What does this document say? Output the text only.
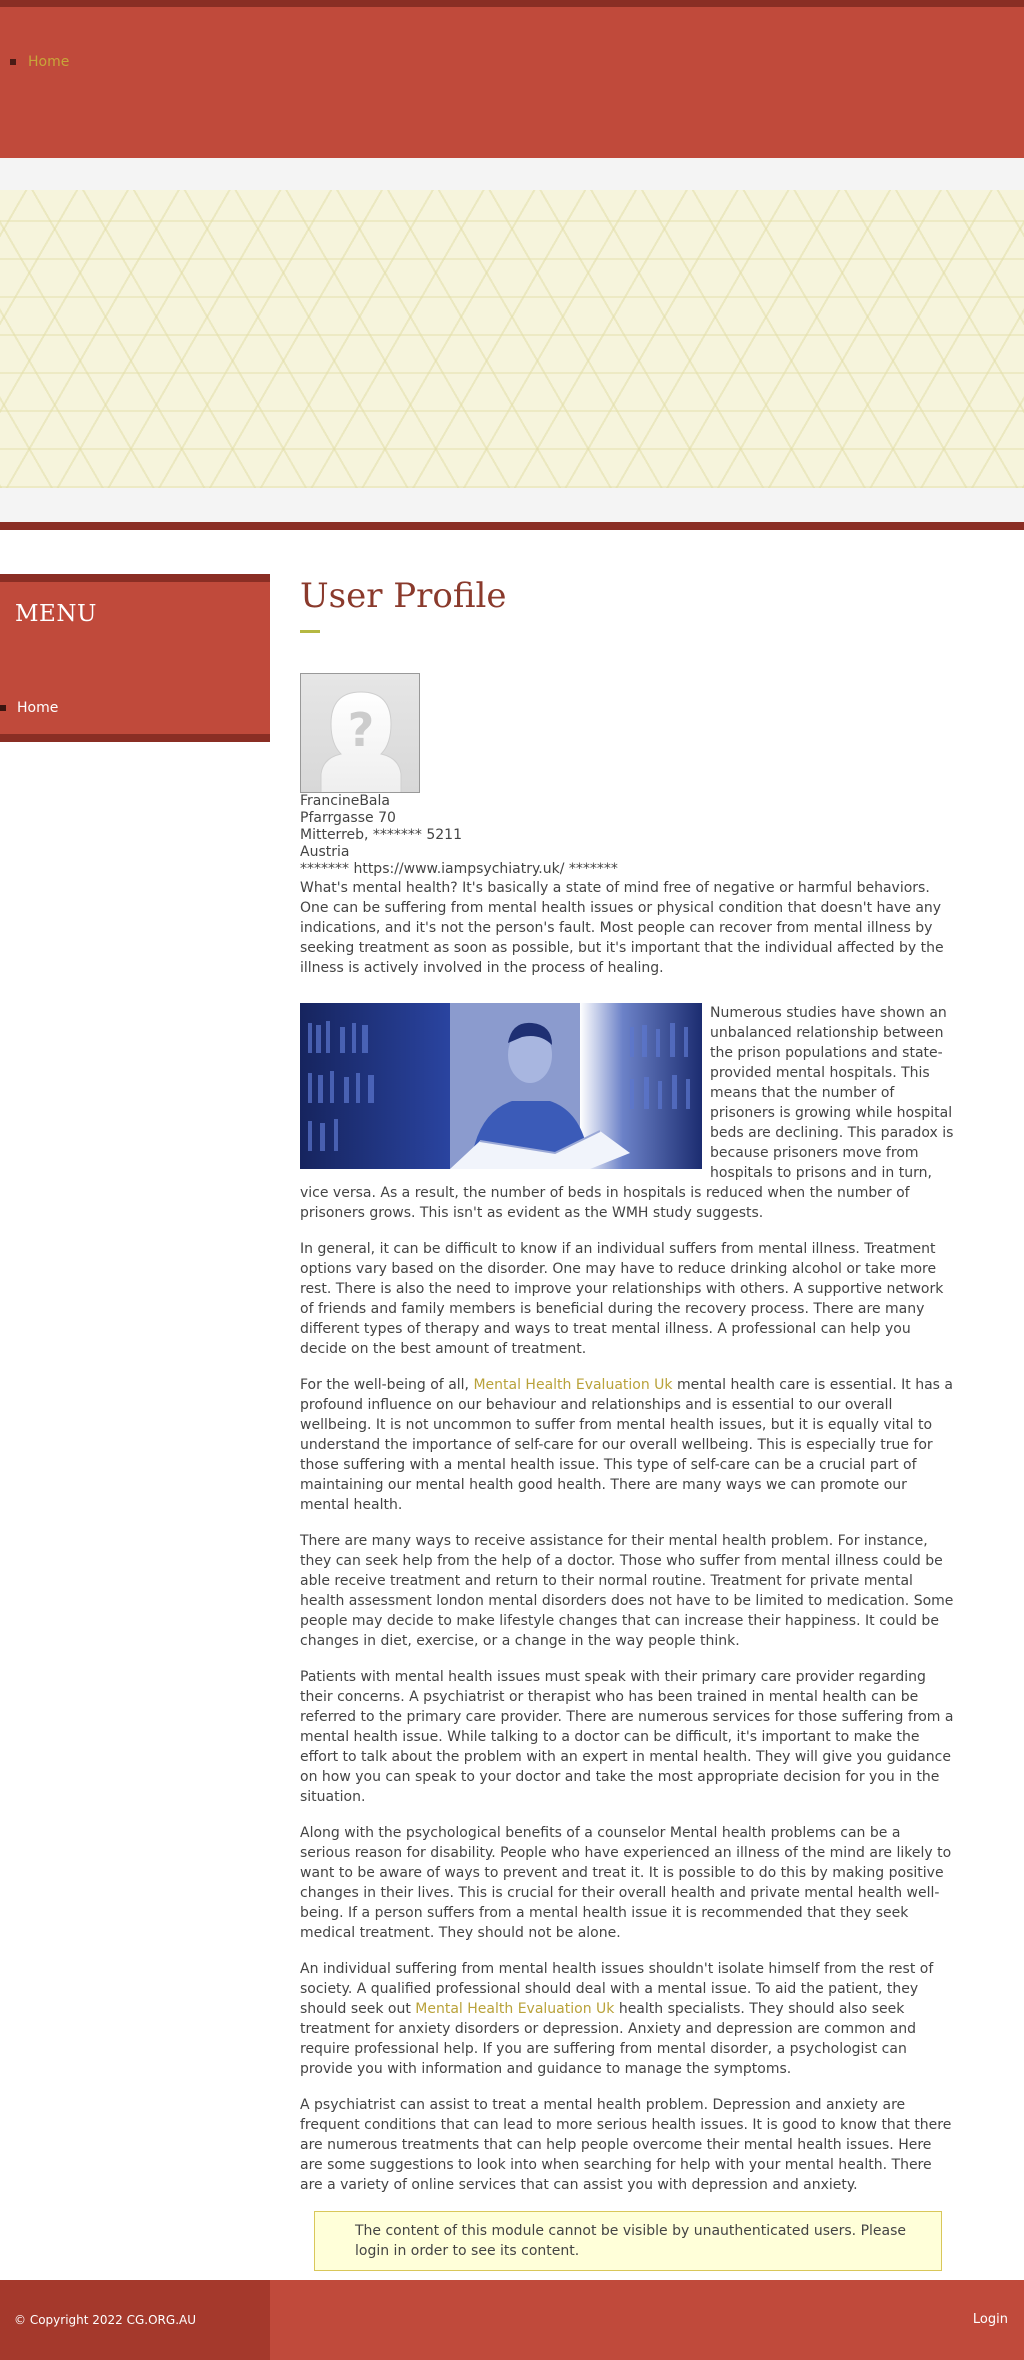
Home
MENU
Home
User Profile
?
FrancineBala
Pfarrgasse 70
Mitterreb, ******* 5211
Austria
******* https://www.iampsychiatry.uk/ *******

What's mental health? It's basically a state of mind free of negative or harmful behaviors. One can be suffering from mental health issues or physical condition that doesn't have any indications, and it's not the person's fault. Most people can recover from mental illness by seeking treatment as soon as possible, but it's important that the individual affected by the illness is actively involved in the process of healing.

Numerous studies have shown an unbalanced relationship between the prison populations and state-provided mental hospitals. This means that the number of prisoners is growing while hospital beds are declining. This paradox is because prisoners move from hospitals to prisons and in turn, vice versa. As a result, the number of beds in hospitals is reduced when the number of prisoners grows. This isn't as evident as the WMH study suggests.

In general, it can be difficult to know if an individual suffers from mental illness. Treatment options vary based on the disorder. One may have to reduce drinking alcohol or take more rest. There is also the need to improve your relationships with others. A supportive network of friends and family members is beneficial during the recovery process. There are many different types of therapy and ways to treat mental illness. A professional can help you decide on the best amount of treatment.

For the well-being of all, Mental Health Evaluation Uk mental health care is essential. It has a profound influence on our behaviour and relationships and is essential to our overall wellbeing. It is not uncommon to suffer from mental health issues, but it is equally vital to understand the importance of self-care for our overall wellbeing. This is especially true for those suffering with a mental health issue. This type of self-care can be a crucial part of maintaining our mental health good health. There are many ways we can promote our mental health.

There are many ways to receive assistance for their mental health problem. For instance, they can seek help from the help of a doctor. Those who suffer from mental illness could be able receive treatment and return to their normal routine. Treatment for private mental health assessment london mental disorders does not have to be limited to medication. Some people may decide to make lifestyle changes that can increase their happiness. It could be changes in diet, exercise, or a change in the way people think.

Patients with mental health issues must speak with their primary care provider regarding their concerns. A psychiatrist or therapist who has been trained in mental health can be referred to the primary care provider. There are numerous services for those suffering from a mental health issue. While talking to a doctor can be difficult, it's important to make the effort to talk about the problem with an expert in mental health. They will give you guidance on how you can speak to your doctor and take the most appropriate decision for you in the situation.

Along with the psychological benefits of a counselor Mental health problems can be a serious reason for disability. People who have experienced an illness of the mind are likely to want to be aware of ways to prevent and treat it. It is possible to do this by making positive changes in their lives. This is crucial for their overall health and private mental health well-being. If a person suffers from a mental health issue it is recommended that they seek medical treatment. They should not be alone.

An individual suffering from mental health issues shouldn't isolate himself from the rest of society. A qualified professional should deal with a mental issue. To aid the patient, they should seek out Mental Health Evaluation Uk health specialists. They should also seek treatment for anxiety disorders or depression. Anxiety and depression are common and require professional help. If you are suffering from mental disorder, a psychologist can provide you with information and guidance to manage the symptoms.

A psychiatrist can assist to treat a mental health problem. Depression and anxiety are frequent conditions that can lead to more serious health issues. It is good to know that there are numerous treatments that can help people overcome their mental health issues. Here are some suggestions to look into when searching for help with your mental health. There are a variety of online services that can assist you with depression and anxiety.

The content of this module cannot be visible by unauthenticated users. Please login in order to see its content.
© Copyright 2022 CG.ORG.AU	Login
